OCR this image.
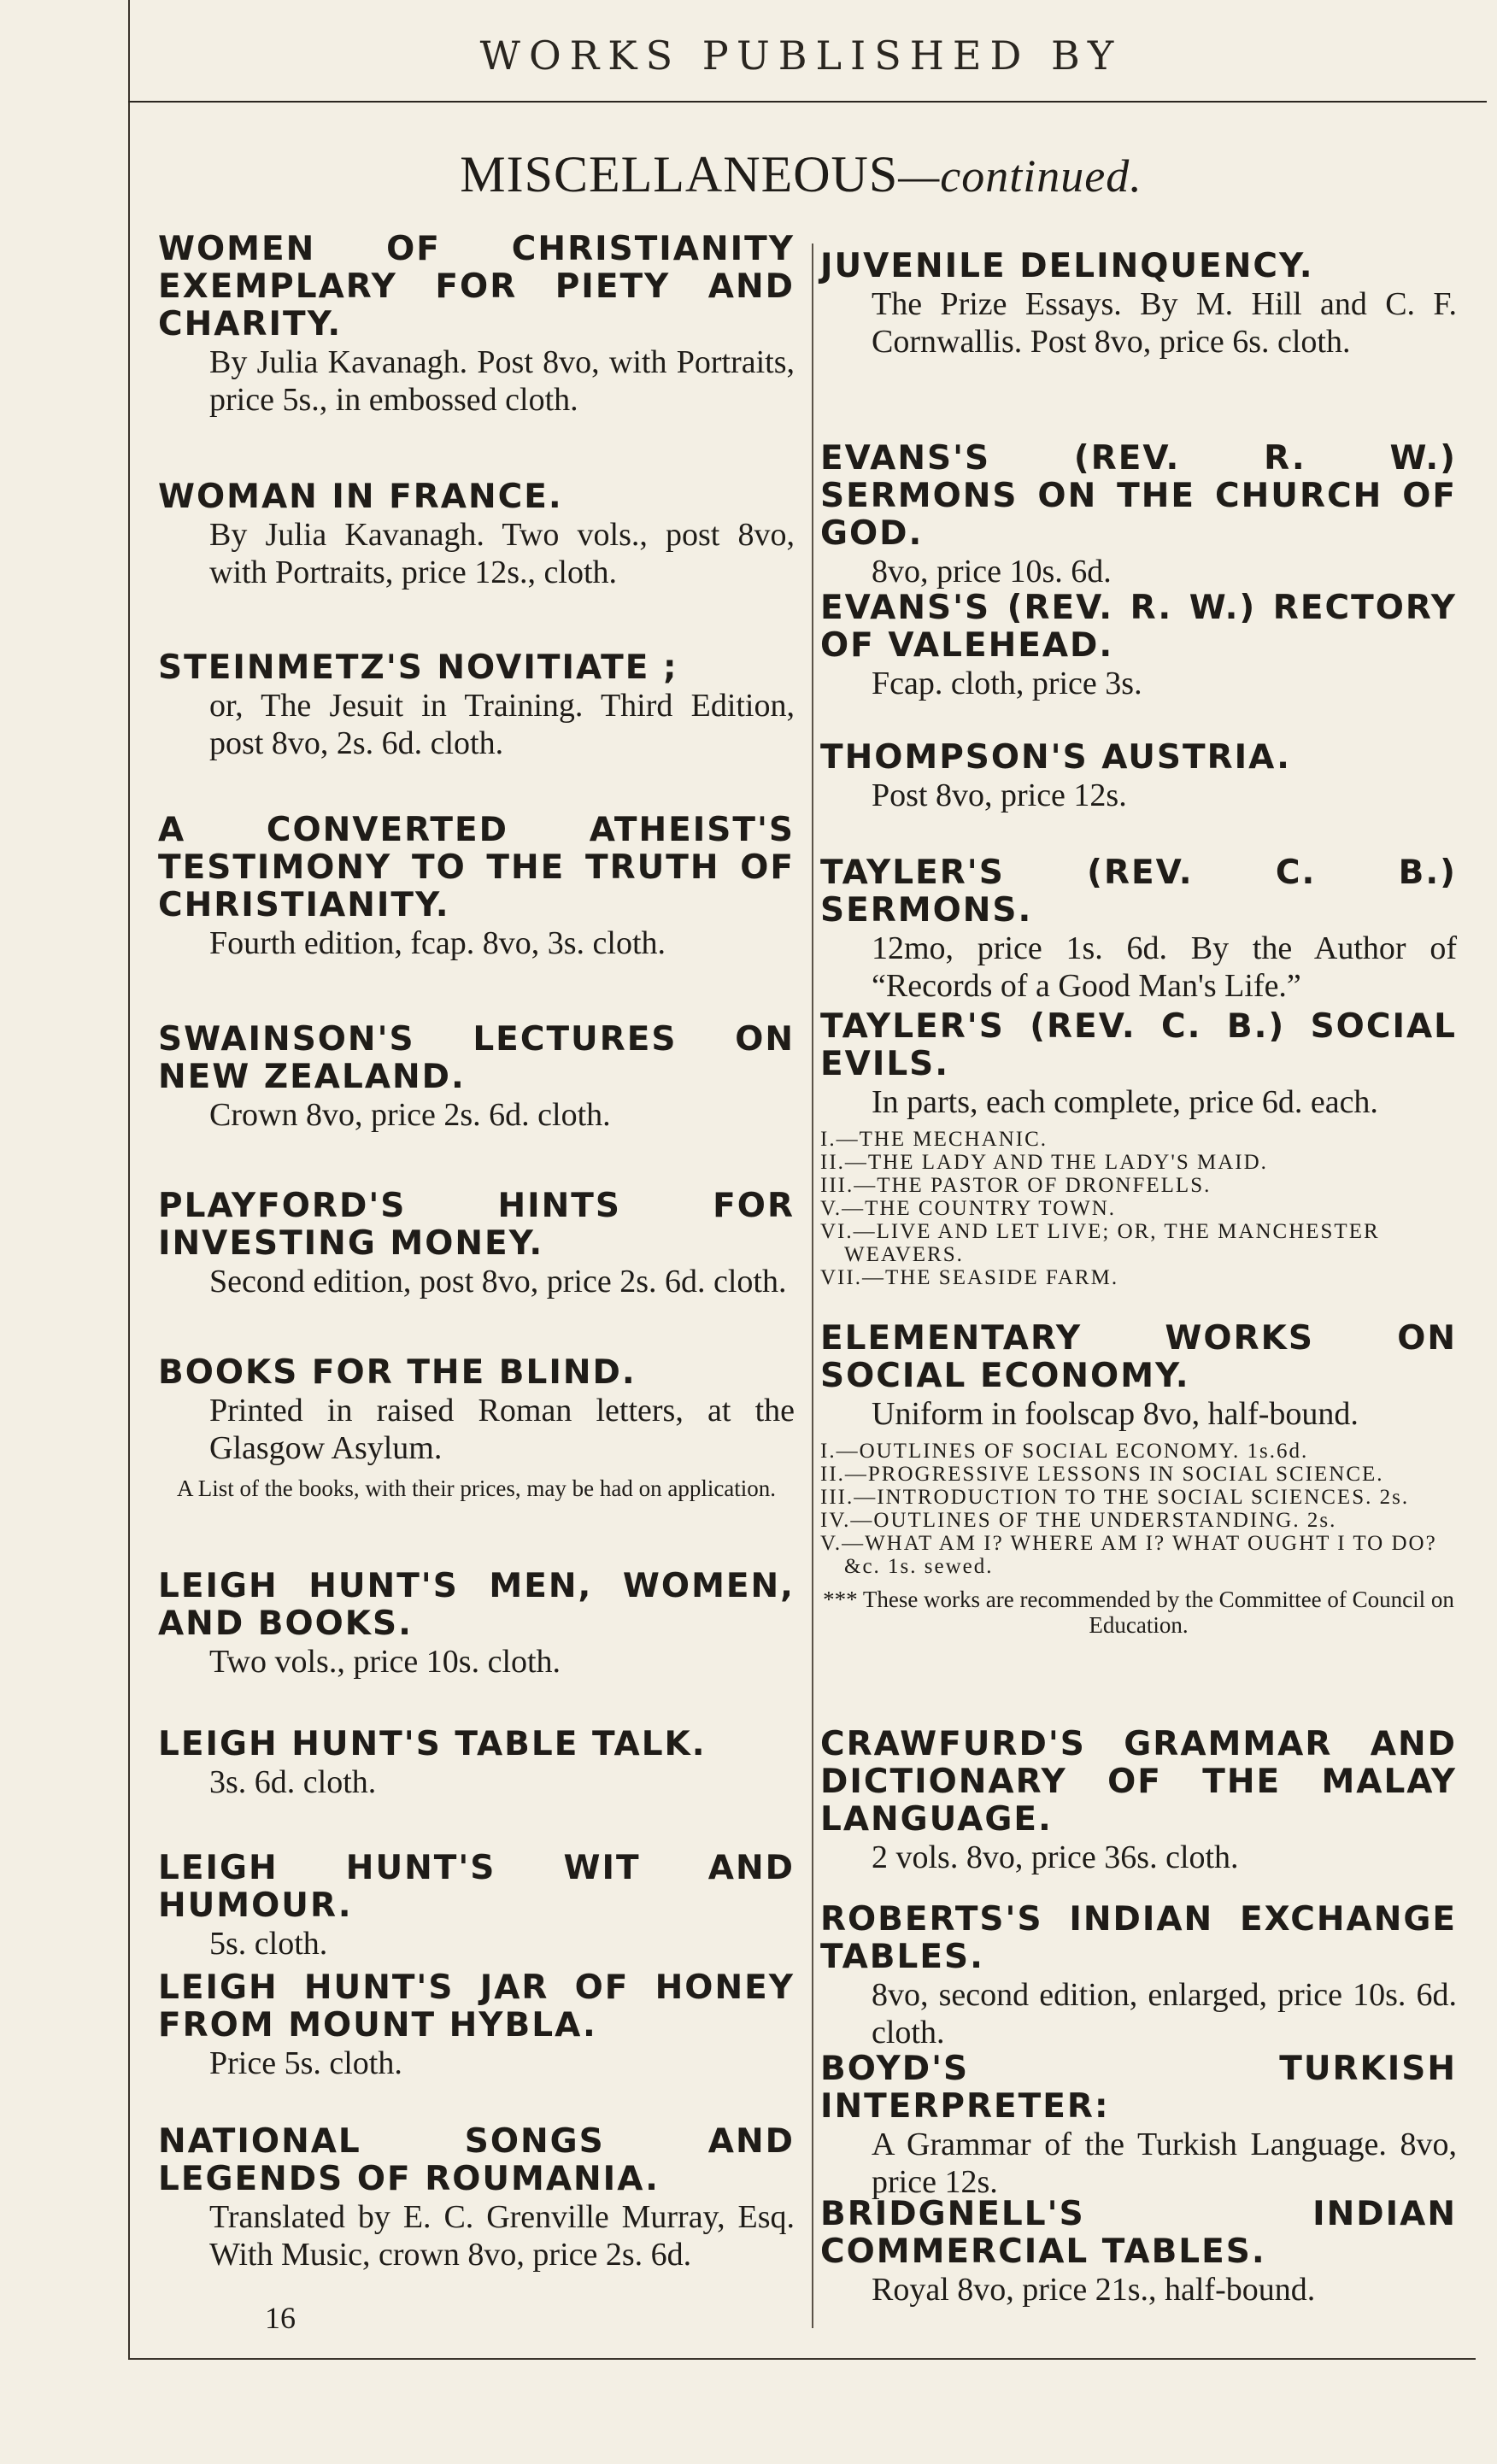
WORKS PUBLISHED BY
MISCELLANEOUS—continued.
WOMEN OF CHRISTIANITY EXEMPLARY FOR PIETY AND CHARITY.
By Julia Kavanagh. Post 8vo, with Portraits, price 5s., in embossed cloth.
WOMAN IN FRANCE.
By Julia Kavanagh. Two vols., post 8vo, with Portraits, price 12s., cloth.
STEINMETZ'S NOVITIATE ;
or, The Jesuit in Training. Third Edition, post 8vo, 2s. 6d. cloth.
A CONVERTED ATHEIST'S TESTIMONY TO THE TRUTH OF CHRISTIANITY.
Fourth edition, fcap. 8vo, 3s. cloth.
SWAINSON'S LECTURES ON NEW ZEALAND.
Crown 8vo, price 2s. 6d. cloth.
PLAYFORD'S HINTS FOR INVESTING MONEY.
Second edition, post 8vo, price 2s. 6d. cloth.
BOOKS FOR THE BLIND.
Printed in raised Roman letters, at the Glasgow Asylum.
A List of the books, with their prices, may be had on application.
LEIGH HUNT'S MEN, WOMEN, AND BOOKS.
Two vols., price 10s. cloth.
LEIGH HUNT'S TABLE TALK.
3s. 6d. cloth.
LEIGH HUNT'S WIT AND HUMOUR.
5s. cloth.
LEIGH HUNT'S JAR OF HONEY FROM MOUNT HYBLA.
Price 5s. cloth.
NATIONAL SONGS AND LEGENDS OF ROUMANIA.
Translated by E. C. Grenville Murray, Esq. With Music, crown 8vo, price 2s. 6d.
JUVENILE DELINQUENCY.
The Prize Essays. By M. Hill and C. F. Cornwallis. Post 8vo, price 6s. cloth.
EVANS'S (REV. R. W.) SERMONS ON THE CHURCH OF GOD.
8vo, price 10s. 6d.
EVANS'S (REV. R. W.) RECTORY OF VALEHEAD.
Fcap. cloth, price 3s.
THOMPSON'S AUSTRIA.
Post 8vo, price 12s.
TAYLER'S (REV. C. B.) SERMONS.
12mo, price 1s. 6d. By the Author of “Records of a Good Man's Life.”
TAYLER'S (REV. C. B.) SOCIAL EVILS.
In parts, each complete, price 6d. each.
I.—THE MECHANIC.
II.—THE LADY AND THE LADY'S MAID.
III.—THE PASTOR OF DRONFELLS.
V.—THE COUNTRY TOWN.
VI.—LIVE AND LET LIVE; OR, THE MANCHESTER WEAVERS.
VII.—THE SEASIDE FARM.
ELEMENTARY WORKS ON SOCIAL ECONOMY.
Uniform in foolscap 8vo, half-bound.
I.—OUTLINES OF SOCIAL ECONOMY. 1s.6d.
II.—PROGRESSIVE LESSONS IN SOCIAL SCIENCE.
III.—INTRODUCTION TO THE SOCIAL SCIENCES. 2s.
IV.—OUTLINES OF THE UNDERSTANDING. 2s.
V.—WHAT AM I? WHERE AM I? WHAT OUGHT I TO DO? &c. 1s. sewed.
*** These works are recommended by the Committee of Council on Education.
CRAWFURD'S GRAMMAR AND DICTIONARY OF THE MALAY LANGUAGE.
2 vols. 8vo, price 36s. cloth.
ROBERTS'S INDIAN EXCHANGE TABLES.
8vo, second edition, enlarged, price 10s. 6d. cloth.
BOYD'S TURKISH INTERPRETER:
A Grammar of the Turkish Language. 8vo, price 12s.
BRIDGNELL'S INDIAN COMMERCIAL TABLES.
Royal 8vo, price 21s., half-bound.
16
